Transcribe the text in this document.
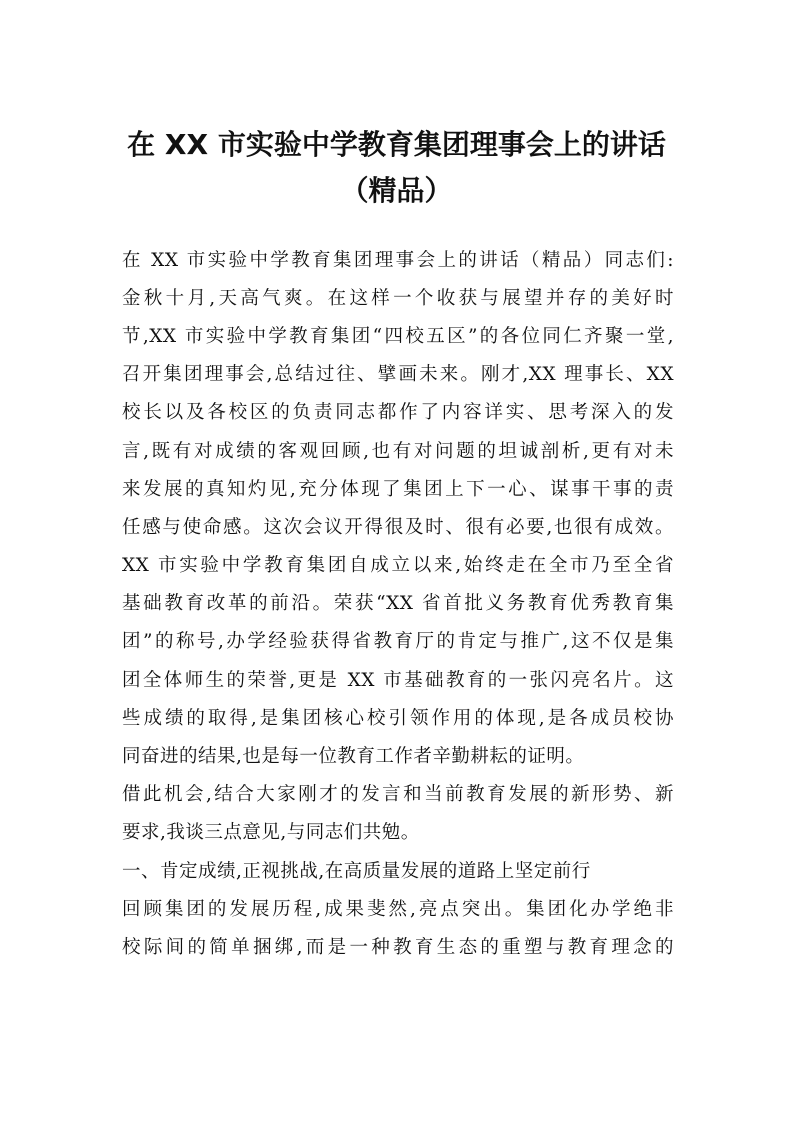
在 XX 市实验中学教育集团理事会上的讲话
（精品）
在 XX 市实验中学教育集团理事会上的讲话（精品）同志们:
金秋十月,天高气爽。在这样一个收获与展望并存的美好时
节,XX 市实验中学教育集团“四校五区”的各位同仁齐聚一堂,
召开集团理事会,总结过往、擘画未来。刚才,XX 理事长、XX
校长以及各校区的负责同志都作了内容详实、思考深入的发
言,既有对成绩的客观回顾,也有对问题的坦诚剖析,更有对未
来发展的真知灼见,充分体现了集团上下一心、谋事干事的责
任感与使命感。这次会议开得很及时、很有必要,也很有成效。
XX 市实验中学教育集团自成立以来,始终走在全市乃至全省
基础教育改革的前沿。荣获“XX 省首批义务教育优秀教育集
团”的称号,办学经验获得省教育厅的肯定与推广,这不仅是集
团全体师生的荣誉,更是 XX 市基础教育的一张闪亮名片。这
些成绩的取得,是集团核心校引领作用的体现,是各成员校协
同奋进的结果,也是每一位教育工作者辛勤耕耘的证明。
借此机会,结合大家刚才的发言和当前教育发展的新形势、新
要求,我谈三点意见,与同志们共勉。
一、肯定成绩,正视挑战,在高质量发展的道路上坚定前行
回顾集团的发展历程,成果斐然,亮点突出。集团化办学绝非
校际间的简单捆绑,而是一种教育生态的重塑与教育理念的
